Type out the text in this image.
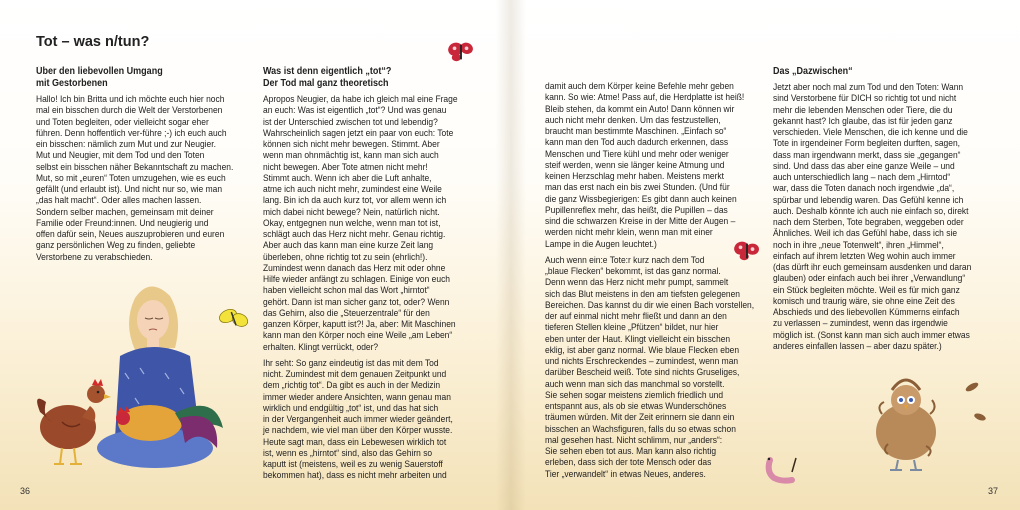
Tot – was n/tun?
Über den liebevollen Umgang
mit Gestorbenen

Hallo! Ich bin Britta und ich möchte euch hier noch
mal ein bisschen durch die Welt der Verstorbenen
und Toten begleiten, oder vielleicht sogar eher
führen. Denn hoffentlich ver-führe ;-) ich euch auch
ein bisschen: nämlich zum Mut und zur Neugier.
Mut und Neugier, mit dem Tod und den Toten
selbst ein bisschen näher Bekanntschaft zu machen.
Mut, so mit „euren“ Toten umzugehen, wie es euch
gefällt (und erlaubt ist). Und nicht nur so, wie man
„das halt macht“. Oder alles machen lassen.
Sondern selber machen, gemeinsam mit deiner
Familie oder Freund:innen. Und neugierig und
offen dafür sein, Neues auszuprobieren und euren
ganz persönlichen Weg zu finden, geliebte
Verstorbene zu verabschieden.

Was ist denn eigentlich „tot“?
Der Tod mal ganz theoretisch

Apropos Neugier, da habe ich gleich mal eine Frage
an euch: Was ist eigentlich „tot“? Und was genau
ist der Unterschied zwischen tot und lebendig?
Wahrscheinlich sagen jetzt ein paar von euch: Tote
können sich nicht mehr bewegen. Stimmt. Aber
wenn man ohnmächtig ist, kann man sich auch
nicht bewegen. Aber Tote atmen nicht mehr!
Stimmt auch. Wenn ich aber die Luft anhalte,
atme ich auch nicht mehr, zumindest eine Weile
lang. Bin ich da auch kurz tot, vor allem wenn ich
mich dabei nicht bewege? Nein, natürlich nicht.
Okay, entgegnen nun welche, wenn man tot ist,
schlägt auch das Herz nicht mehr. Genau richtig.
Aber auch das kann man eine kurze Zeit lang
überleben, ohne richtig tot zu sein (ehrlich!).
Zumindest wenn danach das Herz mit oder ohne
Hilfe wieder anfängt zu schlagen. Einige von euch
haben vielleicht schon mal das Wort „hirntot“
gehört. Dann ist man sicher ganz tot, oder? Wenn
das Gehirn, also die „Steuerzentrale“ für den
ganzen Körper, kaputt ist?! Ja, aber: Mit Maschinen
kann man den Körper noch eine Weile „am Leben“
erhalten. Klingt verrückt, oder?

Ihr seht: So ganz eindeutig ist das mit dem Tod
nicht. Zumindest mit dem genauen Zeitpunkt und
dem „richtig tot“. Da gibt es auch in der Medizin
immer wieder andere Ansichten, wann genau man
wirklich und endgültig „tot“ ist, und das hat sich
in der Vergangenheit auch immer wieder geändert,
je nachdem, wie viel man über den Körper wusste.
Heute sagt man, dass ein Lebewesen wirklich tot
ist, wenn es „hirntot“ sind, also das Gehirn so
kaputt ist (meistens, weil es zu wenig Sauerstoff
bekommen hat), dass es nicht mehr arbeiten und

damit auch dem Körper keine Befehle mehr geben
kann. So wie: Atme! Pass auf, die Herdplatte ist heiß!
Bleib stehen, da kommt ein Auto! Dann können wir
auch nicht mehr denken. Um das festzustellen,
braucht man bestimmte Maschinen. „Einfach so“
kann man den Tod auch dadurch erkennen, dass
Menschen und Tiere kühl und mehr oder weniger
steif werden, wenn sie länger keine Atmung und
keinen Herzschlag mehr haben. Meistens merkt
man das erst nach ein bis zwei Stunden. (Und für
die ganz Wissbegierigen: Es gibt dann auch keinen
Pupillenreflex mehr, das heißt, die Pupillen – das
sind die schwarzen Kreise in der Mitte der Augen –
werden nicht mehr klein, wenn man mit einer
Lampe in die Augen leuchtet.)

Auch wenn ein:e Tote:r kurz nach dem Tod
„blaue Flecken“ bekommt, ist das ganz normal.
Denn wenn das Herz nicht mehr pumpt, sammelt
sich das Blut meistens in den am tiefsten gelegenen
Bereichen. Das kannst du dir wie einen Bach vorstellen,
der auf einmal nicht mehr fließt und dann an den
tieferen Stellen kleine „Pfützen“ bildet, nur hier
eben unter der Haut. Klingt vielleicht ein bisschen
eklig, ist aber ganz normal. Wie blaue Flecken eben
und nichts Erschreckendes – zumindest, wenn man
darüber Bescheid weiß. Tote sind nichts Gruseliges,
auch wenn man sich das manchmal so vorstellt.
Sie sehen sogar meistens ziemlich friedlich und
entspannt aus, als ob sie etwas Wunderschönes
träumen würden. Mit der Zeit erinnern sie dann ein
bisschen an Wachsfiguren, falls du so etwas schon
mal gesehen hast. Nicht schlimm, nur „anders“:
Sie sehen eben tot aus. Man kann also richtig
erleben, dass sich der tote Mensch oder das
Tier „verwandelt“ in etwas Neues, anderes.

Das „Dazwischen“

Jetzt aber noch mal zum Tod und den Toten: Wann
sind Verstorbene für DICH so richtig tot und nicht
mehr die lebenden Menschen oder Tiere, die du
gekannt hast? Ich glaube, das ist für jeden ganz
verschieden. Viele Menschen, die ich kenne und die
Tote in irgendeiner Form begleiten durften, sagen,
dass man irgendwann merkt, dass sie „gegangen“
sind. Und dass das aber eine ganze Weile – und
auch unterschiedlich lang – nach dem „Hirntod“
war, dass die Toten danach noch irgendwie „da“,
spürbar und lebendig waren. Das Gefühl kenne ich
auch. Deshalb könnte ich auch nie einfach so, direkt
nach dem Sterben, Tote begraben, weggeben oder
Ähnliches. Weil ich das Gefühl habe, dass ich sie
noch in ihre „neue Totenwelt“, ihren „Himmel“,
einfach auf ihrem letzten Weg wohin auch immer
(das dürft ihr euch gemeinsam ausdenken und daran
glauben) oder einfach auch bei ihrer „Verwandlung“
ein Stück begleiten möchte. Weil es für mich ganz
komisch und traurig wäre, sie ohne eine Zeit des
Abschieds und des liebevollen Kümmerns einfach
zu verlassen – zumindest, wenn das irgendwie
möglich ist. (Sonst kann man sich auch immer etwas
anderes einfallen lassen – aber dazu später.)

36	37
